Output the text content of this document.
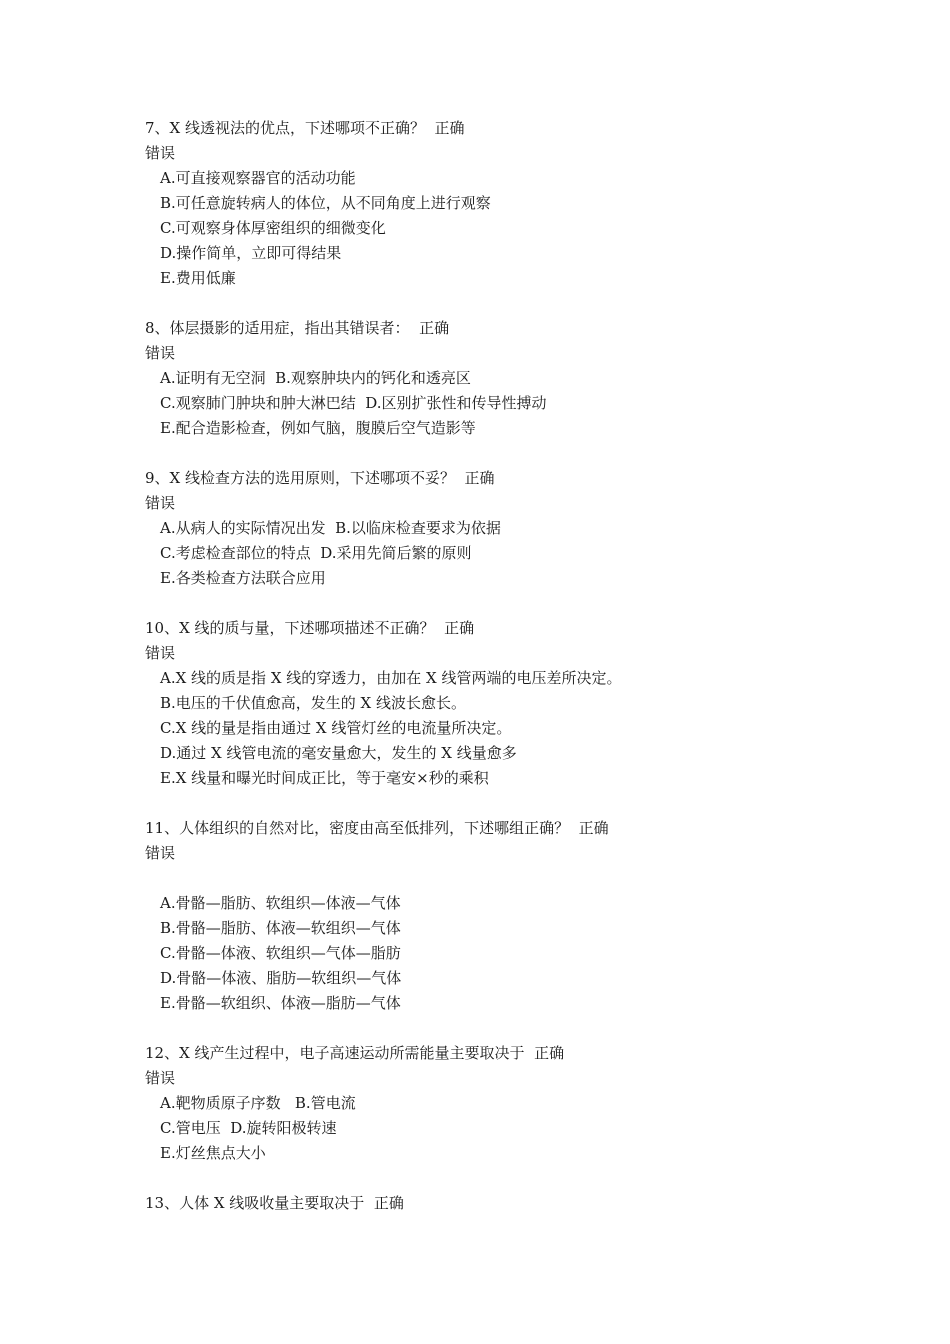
7、X 线透视法的优点，下述哪项不正确？  正确
错误
A.可直接观察器官的活动功能
B.可任意旋转病人的体位，从不同角度上进行观察
C.可观察身体厚密组织的细微变化
D.操作简单，立即可得结果
E.费用低廉
8、体层摄影的适用症，指出其错误者：  正确
错误
A.证明有无空洞  B.观察肿块内的钙化和透亮区
C.观察肺门肿块和肿大淋巴结  D.区别扩张性和传导性搏动
E.配合造影检查，例如气脑，腹膜后空气造影等
9、X 线检查方法的选用原则，下述哪项不妥？  正确
错误
A.从病人的实际情况出发  B.以临床检查要求为依据
C.考虑检查部位的特点  D.采用先简后繁的原则
E.各类检查方法联合应用
10、X 线的质与量，下述哪项描述不正确？  正确
错误
A.X 线的质是指 X 线的穿透力，由加在 X 线管两端的电压差所决定。
B.电压的千伏值愈高，发生的 X 线波长愈长。
C.X 线的量是指由通过 X 线管灯丝的电流量所决定。
D.通过 X 线管电流的毫安量愈大，发生的 X 线量愈多
E.X 线量和曝光时间成正比，等于毫安×秒的乘积
11、人体组织的自然对比，密度由高至低排列，下述哪组正确？  正确
错误
A.骨骼—脂肪、软组织—体液—气体
B.骨骼—脂肪、体液—软组织—气体
C.骨骼—体液、软组织—气体—脂肪
D.骨骼—体液、脂肪—软组织—气体
E.骨骼—软组织、体液—脂肪—气体
12、X 线产生过程中，电子高速运动所需能量主要取决于  正确
错误
A.靶物质原子序数   B.管电流
C.管电压  D.旋转阳极转速
E.灯丝焦点大小
13、人体 X 线吸收量主要取决于  正确
